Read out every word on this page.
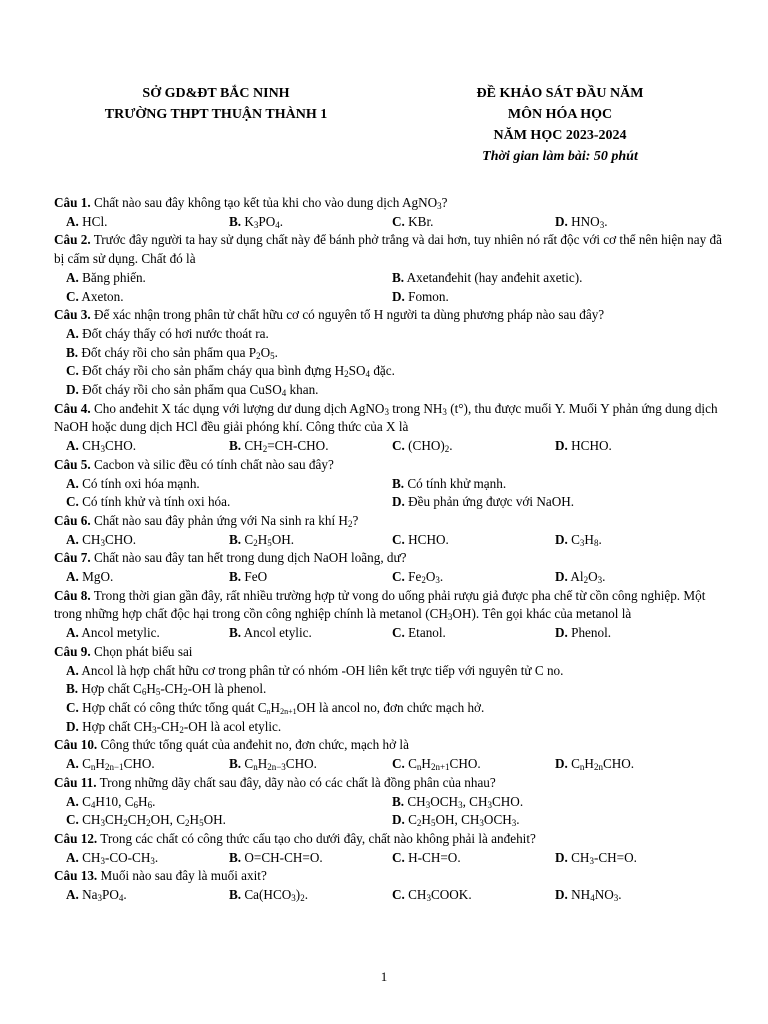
SỞ GD&ĐT BẮC NINH
TRƯỜNG THPT THUẬN THÀNH 1
ĐỀ KHẢO SÁT ĐẦU NĂM
MÔN HÓA HỌC
NĂM HỌC 2023-2024
Thời gian làm bài: 50 phút
Câu 1. Chất nào sau đây không tạo kết tủa khi cho vào dung dịch AgNO$_3$?
A. HCl.	B. $K_3PO_4$.	C. KBr.	D. $HNO_3$.
Câu 2. Trước đây người ta hay sử dụng chất này để bánh phở trắng và dai hơn, tuy nhiên nó rất độc với cơ thể nên hiện nay đã bị cấm sử dụng. Chất đó là
A. Băng phiến.	B. Axetanđehit (hay anđehit axetic).
C. Axeton.	D. Fomon.
Câu 3. Để xác nhận trong phân tử chất hữu cơ có nguyên tố H người ta dùng phương pháp nào sau đây?
A. Đốt cháy thấy có hơi nước thoát ra.
B. Đốt cháy rồi cho sản phẩm qua $P_2O_5$.
C. Đốt cháy rồi cho sản phẩm cháy qua bình đựng $H_2SO_4$ đặc.
D. Đốt cháy rồi cho sản phẩm qua CuSO$_4$ khan.
Câu 4. Cho anđehit X tác dụng với lượng dư dung dịch AgNO$_3$ trong $NH_3$ (t°), thu được muối Y. Muối Y phản ứng dung dịch NaOH hoặc dung dịch HCl đều giải phóng khí. Công thức của X là
A. $CH_3CHO$.	B. $CH_2=CH$-CHO.	C. $(CHO)_2$.	D. HCHO.
Câu 5. Cacbon và silic đều có tính chất nào sau đây?
A. Có tính oxi hóa mạnh.	B. Có tính khử mạnh.
C. Có tính khử và tính oxi hóa.	D. Đều phản ứng được với NaOH.
Câu 6. Chất nào sau đây phản ứng với Na sinh ra khí $H_2$?
A. $CH_3CHO$.	B. $C_2H_5OH$.	C. HCHO.	D. $C_3H_8$.
Câu 7. Chất nào sau đây tan hết trong dung dịch NaOH loãng, dư?
A. MgO.	B. FeO	C. $Fe_2O_3$.	D. $Al_2O_3$.
Câu 8. Trong thời gian gần đây, rất nhiều trường hợp tử vong do uống phải rượu giả được pha chế từ cồn công nghiệp. Một trong những hợp chất độc hại trong cồn công nghiệp chính là metanol $(CH_3OH)$. Tên gọi khác của metanol là
A. Ancol metylic.	B. Ancol etylic.	C. Etanol.	D. Phenol.
Câu 9. Chọn phát biểu sai
A. Ancol là hợp chất hữu cơ trong phân tử có nhóm -OH liên kết trực tiếp với nguyên tử C no.
B. Hợp chất $C_6H_5-CH_2-OH$ là phenol.
C. Hợp chất có công thức tổng quát $C_nH_{2n+1}OH$ là ancol no, đơn chức mạch hở.
D. Hợp chất $CH_3-CH_2-OH$ là acol etylic.
Câu 10. Công thức tổng quát của anđehit no, đơn chức, mạch hở là
A. $C_nH_{2n-1}CHO$.	B. $C_nH_{2n-3}CHO$.	C. $C_nH_{2n+1}CHO$.	D. $C_nH_{2n}CHO$.
Câu 11. Trong những dãy chất sau đây, dãy nào có các chất là đồng phân của nhau?
A. $C_4H10$, $C_6H_6$.	B. $CH_3OCH_3$, $CH_3CHO$.
C. $CH_3CH_2CH_2OH$, $C_2H_5OH$.	D. $C_2H_5OH$, $CH_3OCH_3$.
Câu 12. Trong các chất có công thức cấu tạo cho dưới đây, chất nào không phải là anđehit?
A. $CH_3-CO-CH_3$.	B. O=CH-CH=O.	C. H-CH=O.	D. $CH_3-CH=O$.
Câu 13. Muối nào sau đây là muối axit?
A. $Na_3PO_4$.	B. $Ca(HCO_3)_2$.	C. $CH_3COOK$.	D. $NH_4NO_3$.
1
